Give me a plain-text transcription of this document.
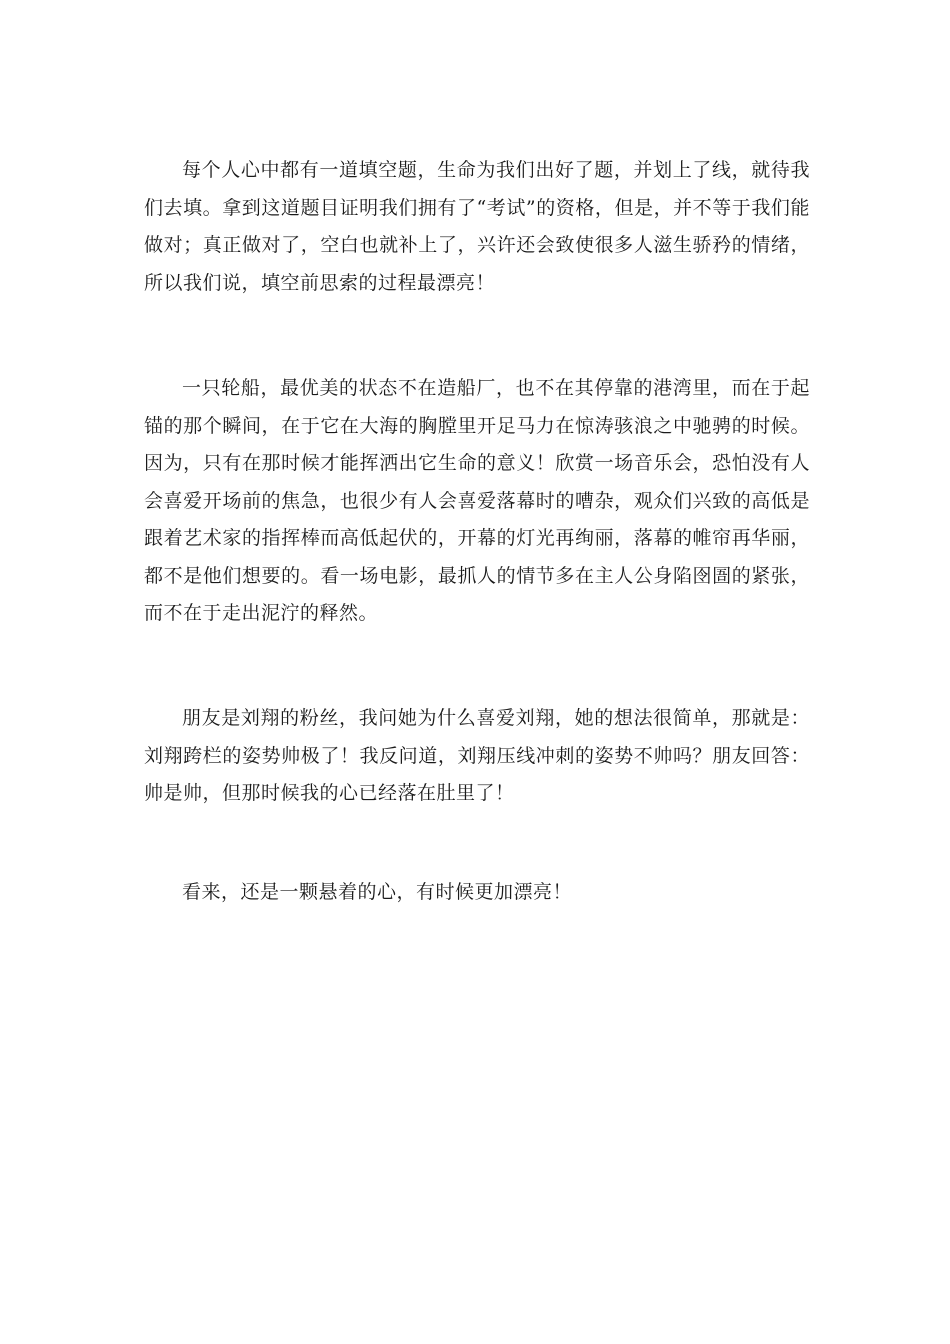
每个人心中都有一道填空题，生命为我们出好了题，并划上了线，就待我们去填。拿到这道题目证明我们拥有了“考试”的资格，但是，并不等于我们能做对；真正做对了，空白也就补上了，兴许还会致使很多人滋生骄矜的情绪，所以我们说，填空前思索的过程最漂亮！

一只轮船，最优美的状态不在造船厂，也不在其停靠的港湾里，而在于起锚的那个瞬间，在于它在大海的胸膛里开足马力在惊涛骇浪之中驰骋的时候。因为，只有在那时候才能挥洒出它生命的意义！欣赏一场音乐会，恐怕没有人会喜爱开场前的焦急，也很少有人会喜爱落幕时的嘈杂，观众们兴致的高低是跟着艺术家的指挥棒而高低起伏的，开幕的灯光再绚丽，落幕的帷帘再华丽，都不是他们想要的。看一场电影，最抓人的情节多在主人公身陷囹圄的紧张，而不在于走出泥泞的释然。

朋友是刘翔的粉丝，我问她为什么喜爱刘翔，她的想法很简单，那就是：刘翔跨栏的姿势帅极了！我反问道，刘翔压线冲刺的姿势不帅吗？朋友回答：帅是帅，但那时候我的心已经落在肚里了！

看来，还是一颗悬着的心，有时候更加漂亮！
